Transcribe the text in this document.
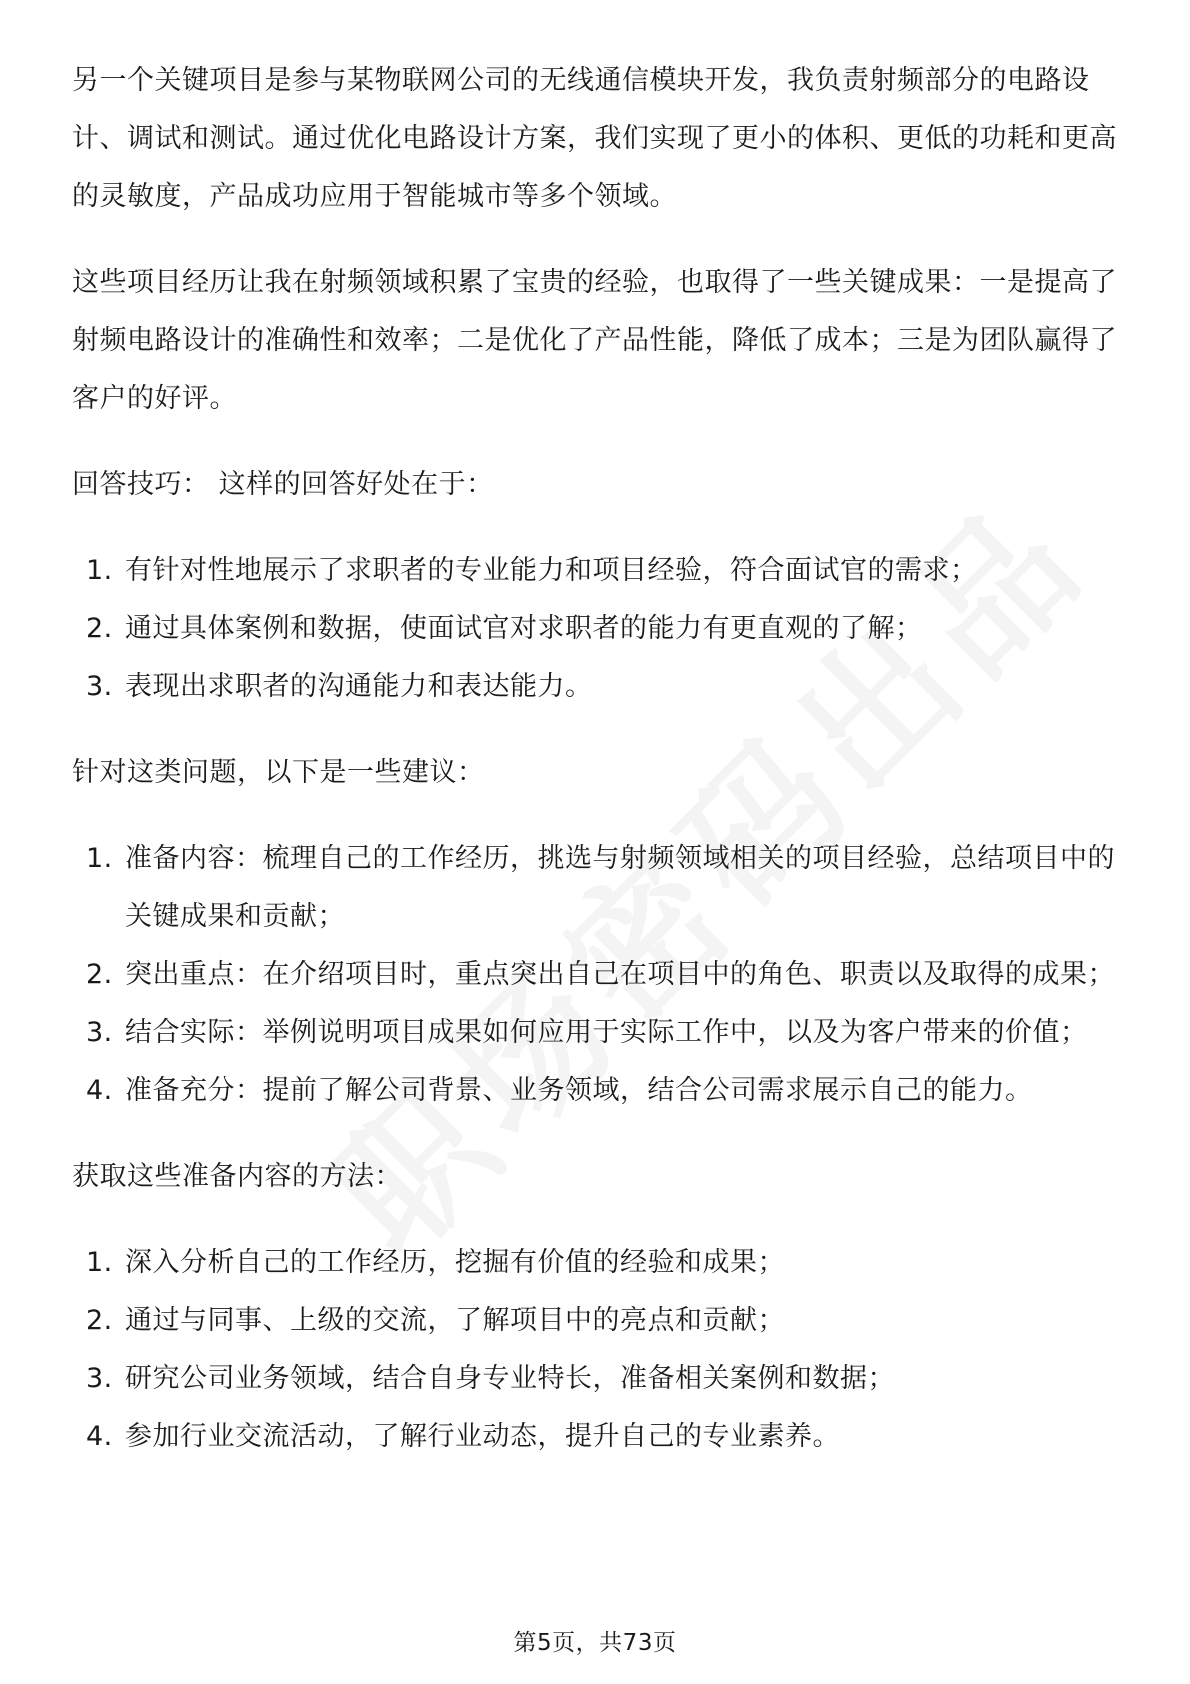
另一个关键项目是参与某物联网公司的无线通信模块开发，我负责射频部分的电路设计、调试和测试。通过优化电路设计方案，我们实现了更小的体积、更低的功耗和更高的灵敏度，产品成功应用于智能城市等多个领域。

这些项目经历让我在射频领域积累了宝贵的经验，也取得了一些关键成果：一是提高了射频电路设计的准确性和效率；二是优化了产品性能，降低了成本；三是为团队赢得了客户的好评。

回答技巧： 这样的回答好处在于：

1. 有针对性地展示了求职者的专业能力和项目经验，符合面试官的需求；
2. 通过具体案例和数据，使面试官对求职者的能力有更直观的了解；
3. 表现出求职者的沟通能力和表达能力。

针对这类问题，以下是一些建议：

1. 准备内容：梳理自己的工作经历，挑选与射频领域相关的项目经验，总结项目中的关键成果和贡献；
2. 突出重点：在介绍项目时，重点突出自己在项目中的角色、职责以及取得的成果；
3. 结合实际：举例说明项目成果如何应用于实际工作中，以及为客户带来的价值；
4. 准备充分：提前了解公司背景、业务领域，结合公司需求展示自己的能力。

获取这些准备内容的方法：

1. 深入分析自己的工作经历，挖掘有价值的经验和成果；
2. 通过与同事、上级的交流，了解项目中的亮点和贡献；
3. 研究公司业务领域，结合自身专业特长，准备相关案例和数据；
4. 参加行业交流活动，了解行业动态，提升自己的专业素养。
第5页，共73页
